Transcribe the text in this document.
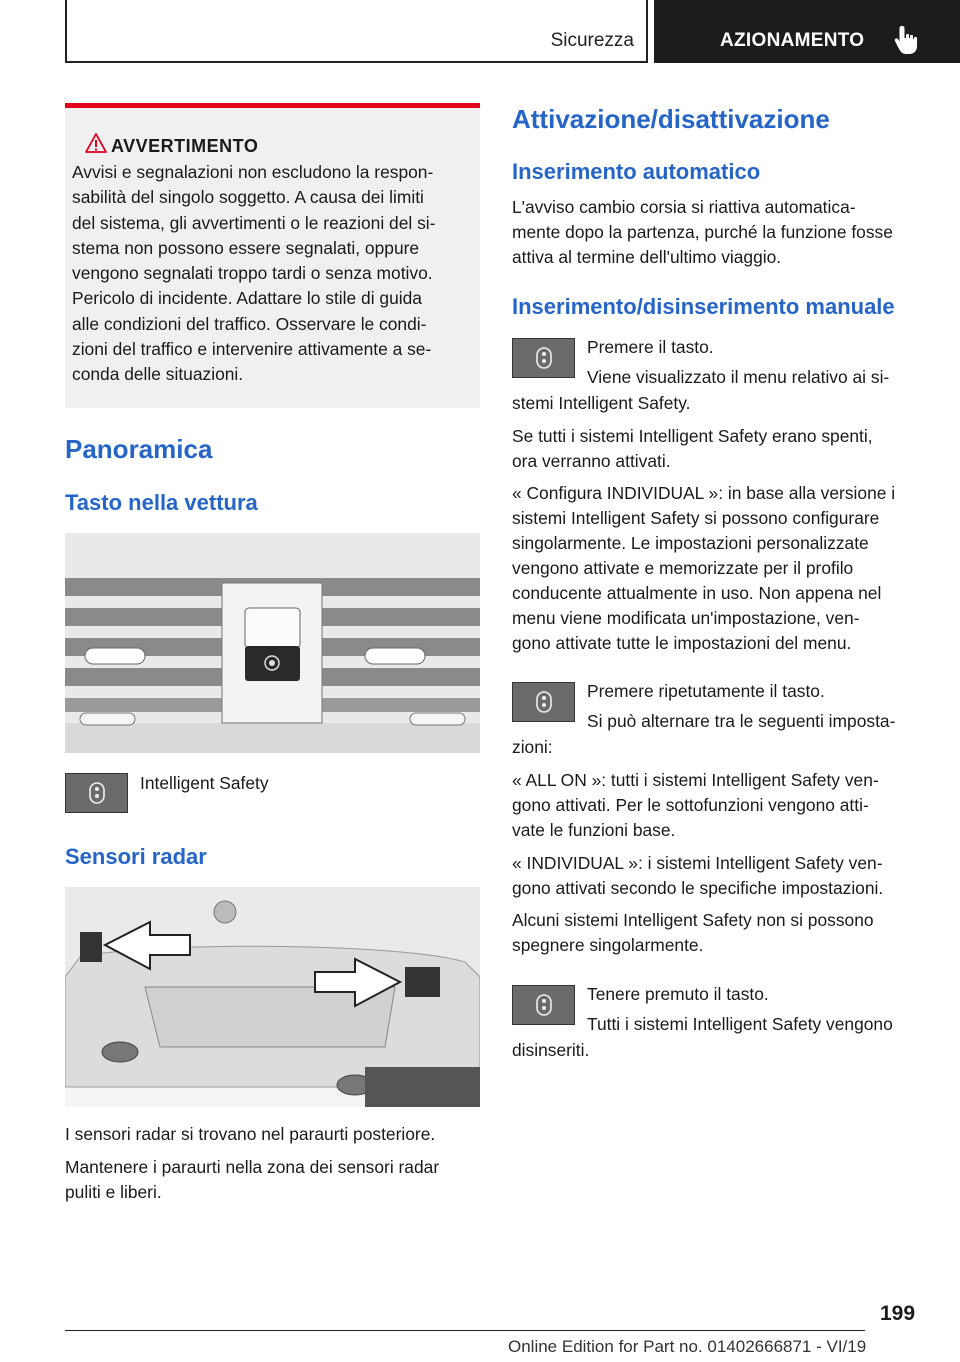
Sicurezza	AZIONAMENTO
AVVERTIMENTO
Avvisi e segnalazioni non escludono la respon-
sabilità del singolo soggetto. A causa dei limiti
del sistema, gli avvertimenti o le reazioni del si-
stema non possono essere segnalati, oppure
vengono segnalati troppo tardi o senza motivo.
Pericolo di incidente. Adattare lo stile di guida
alle condizioni del traffico. Osservare le condi-
zioni del traffico e intervenire attivamente a se-
conda delle situazioni.
Panoramica
Tasto nella vettura
Intelligent Safety
Sensori radar
I sensori radar si trovano nel paraurti posteriore.
Mantenere i paraurti nella zona dei sensori radar
puliti e liberi.
Attivazione/disattivazione
Inserimento automatico
L'avviso cambio corsia si riattiva automatica-
mente dopo la partenza, purché la funzione fosse
attiva al termine dell'ultimo viaggio.
Inserimento/disinserimento manuale
Premere il tasto.
Viene visualizzato il menu relativo ai si-
stemi Intelligent Safety.
Se tutti i sistemi Intelligent Safety erano spenti,
ora verranno attivati.
« Configura INDIVIDUAL »: in base alla versione i
sistemi Intelligent Safety si possono configurare
singolarmente. Le impostazioni personalizzate
vengono attivate e memorizzate per il profilo
conducente attualmente in uso. Non appena nel
menu viene modificata un'impostazione, ven-
gono attivate tutte le impostazioni del menu.
Premere ripetutamente il tasto.
Si può alternare tra le seguenti imposta-
zioni:
« ALL ON »: tutti i sistemi Intelligent Safety ven-
gono attivati. Per le sottofunzioni vengono atti-
vate le funzioni base.
« INDIVIDUAL »: i sistemi Intelligent Safety ven-
gono attivati secondo le specifiche impostazioni.
Alcuni sistemi Intelligent Safety non si possono
spegnere singolarmente.
Tenere premuto il tasto.
Tutti i sistemi Intelligent Safety vengono
disinseriti.
199
Online Edition for Part no. 01402666871 - VI/19
